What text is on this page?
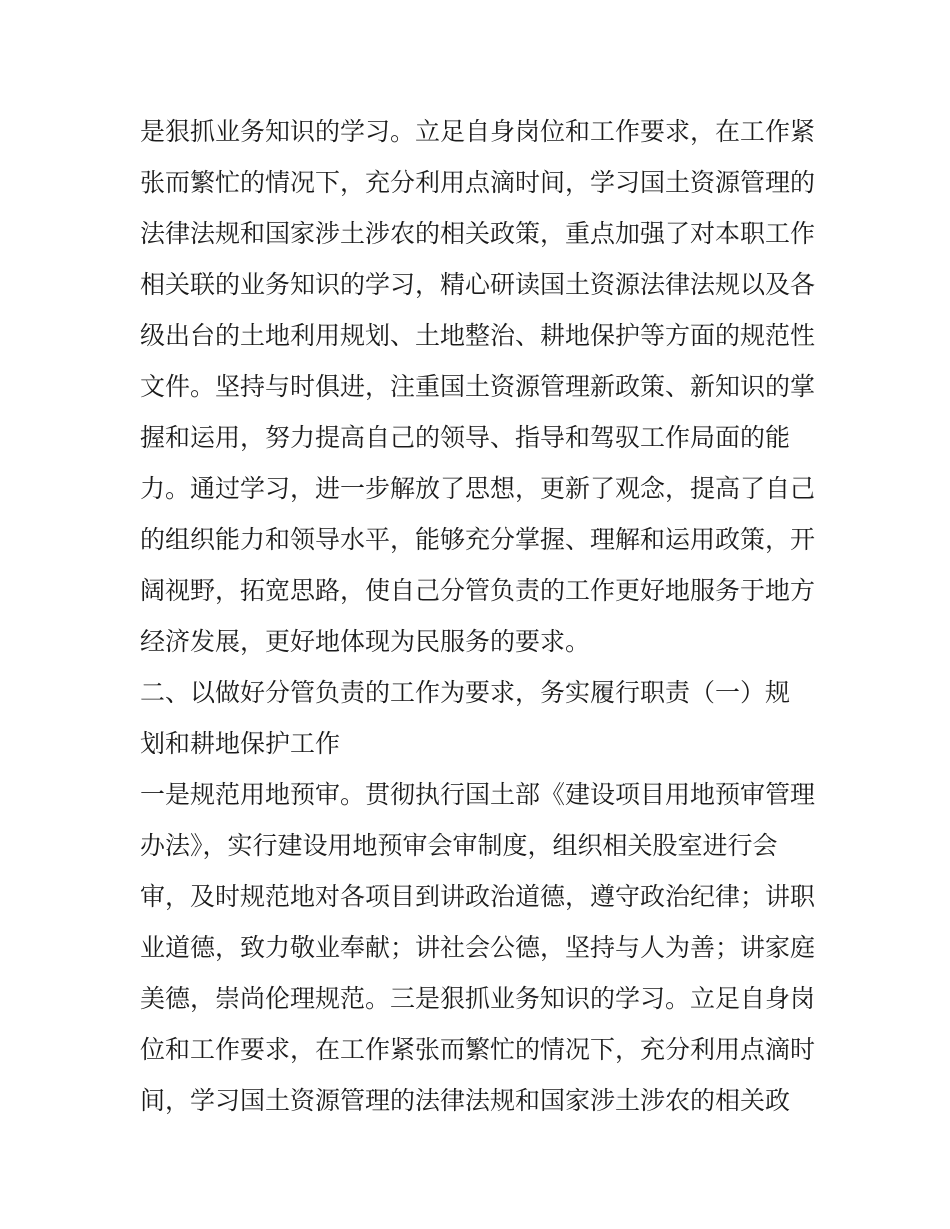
是狠抓业务知识的学习。立足自身岗位和工作要求，在工作紧
张而繁忙的情况下，充分利用点滴时间，学习国土资源管理的
法律法规和国家涉土涉农的相关政策，重点加强了对本职工作
相关联的业务知识的学习，精心研读国土资源法律法规以及各
级出台的土地利用规划、土地整治、耕地保护等方面的规范性
文件。坚持与时俱进，注重国土资源管理新政策、新知识的掌
握和运用，努力提高自己的领导、指导和驾驭工作局面的能
力。通过学习，进一步解放了思想，更新了观念，提高了自己
的组织能力和领导水平，能够充分掌握、理解和运用政策，开
阔视野，拓宽思路，使自己分管负责的工作更好地服务于地方
经济发展，更好地体现为民服务的要求。
二、以做好分管负责的工作为要求，务实履行职责（一）规
划和耕地保护工作
一是规范用地预审。贯彻执行国土部《建设项目用地预审管理
办法》，实行建设用地预审会审制度，组织相关股室进行会
审，及时规范地对各项目到讲政治道德，遵守政治纪律；讲职
业道德，致力敬业奉献；讲社会公德，坚持与人为善；讲家庭
美德，崇尚伦理规范。三是狠抓业务知识的学习。立足自身岗
位和工作要求，在工作紧张而繁忙的情况下，充分利用点滴时
间，学习国土资源管理的法律法规和国家涉土涉农的相关政
